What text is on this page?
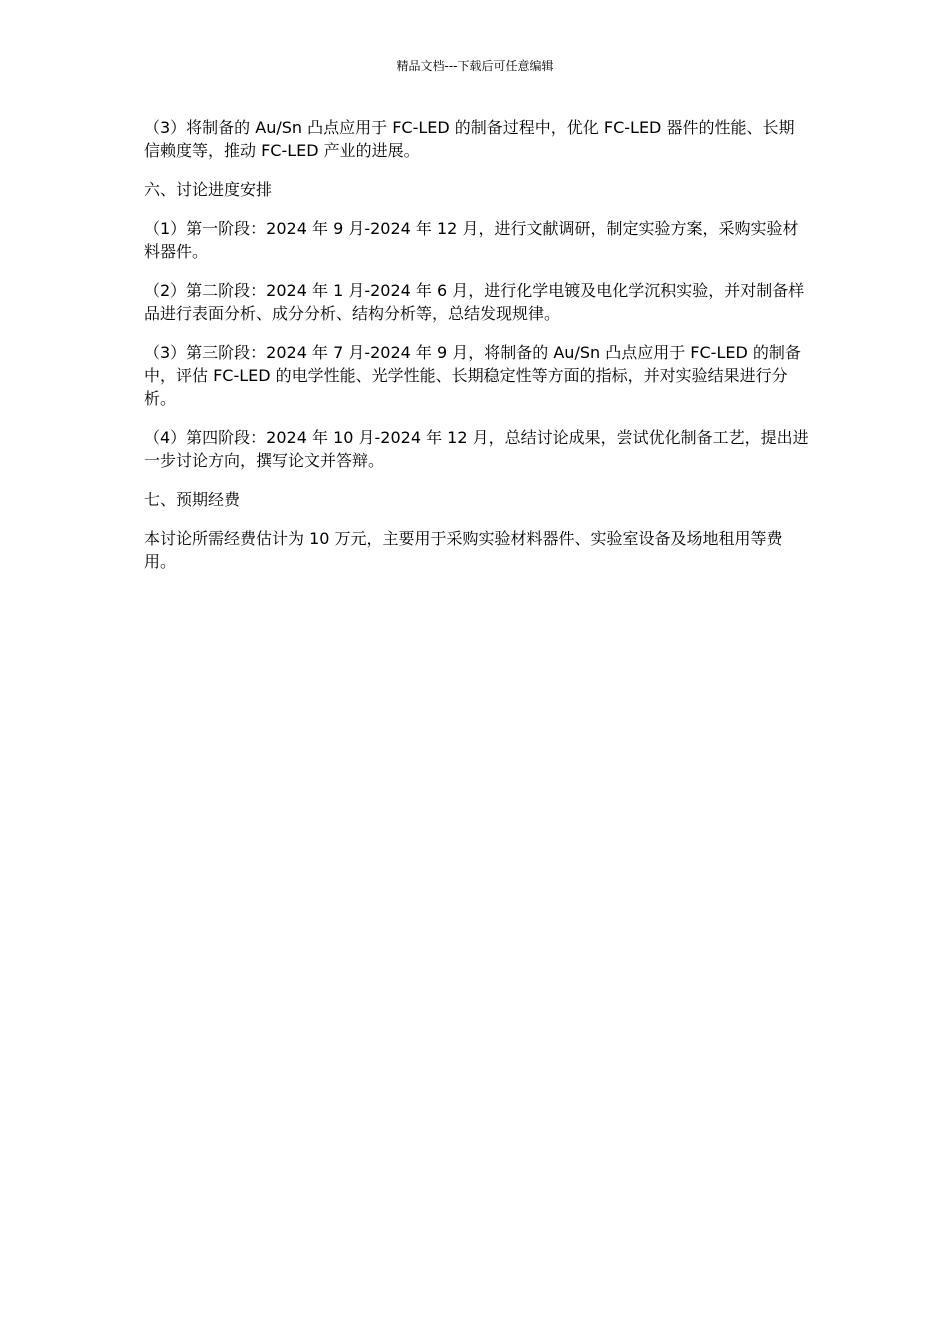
精品文档---下载后可任意编辑

（3）将制备的 Au/Sn 凸点应用于 FC-LED 的制备过程中，优化 FC-LED 器件的性能、长期信赖度等，推动 FC-LED 产业的进展。

六、讨论进度安排

（1）第一阶段：2024 年 9 月-2024 年 12 月，进行文献调研，制定实验方案，采购实验材料器件。

（2）第二阶段：2024 年 1 月-2024 年 6 月，进行化学电镀及电化学沉积实验，并对制备样品进行表面分析、成分分析、结构分析等，总结发现规律。

（3）第三阶段：2024 年 7 月-2024 年 9 月，将制备的 Au/Sn 凸点应用于 FC-LED 的制备中，评估 FC-LED 的电学性能、光学性能、长期稳定性等方面的指标，并对实验结果进行分析。

（4）第四阶段：2024 年 10 月-2024 年 12 月，总结讨论成果，尝试优化制备工艺，提出进一步讨论方向，撰写论文并答辩。

七、预期经费

本讨论所需经费估计为 10 万元，主要用于采购实验材料器件、实验室设备及场地租用等费用。
